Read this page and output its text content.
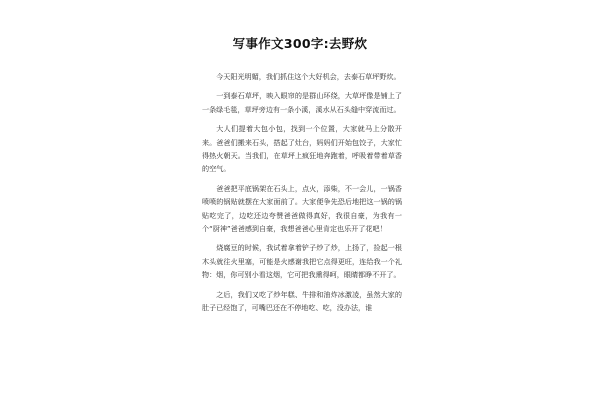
写事作文300字:去野炊

今天阳光明媚，我们抓住这个大好机会，去泰石草坪野炊。

一到泰石草坪，映入眼帘的是群山环绕，大草坪像是铺上了一条绿毛毯，草坪旁边有一条小溪，溪水从石头缝中穿流而过。

大人们提着大包小包，找到一个位置，大家就马上分散开来。爸爸们搬来石头，搭起了灶台，妈妈们开始包饺子，大家忙得热火朝天。当我们，在草坪上疯狂地奔跑着，呼吸着带着草香的空气。

爸爸把平底锅架在石头上，点火，添柴，不一会儿，一锅香喷喷的锅贴就摆在大家面前了。大家便争先恐后地把这一锅的锅贴吃完了，边吃还边夸赞爸爸做得真好，我很自豪，为我有一个“厨神”爸爸感到自豪，我想爸爸心里肯定也乐开了花吧！

烧腐豆的时候，我试着拿着铲子炒了炒，上扬了，捡起一根木头就往火里塞，可能是火感谢我把它点得更旺，连给我一个礼物：烟，你可别小看这烟，它可把我熏得呵，眼睛都睁不开了。

之后，我们又吃了炒年糕、牛排和油炸冰激凌，虽然大家的肚子已经饱了，可嘴巴还在不停地吃、吃，没办法，谁
